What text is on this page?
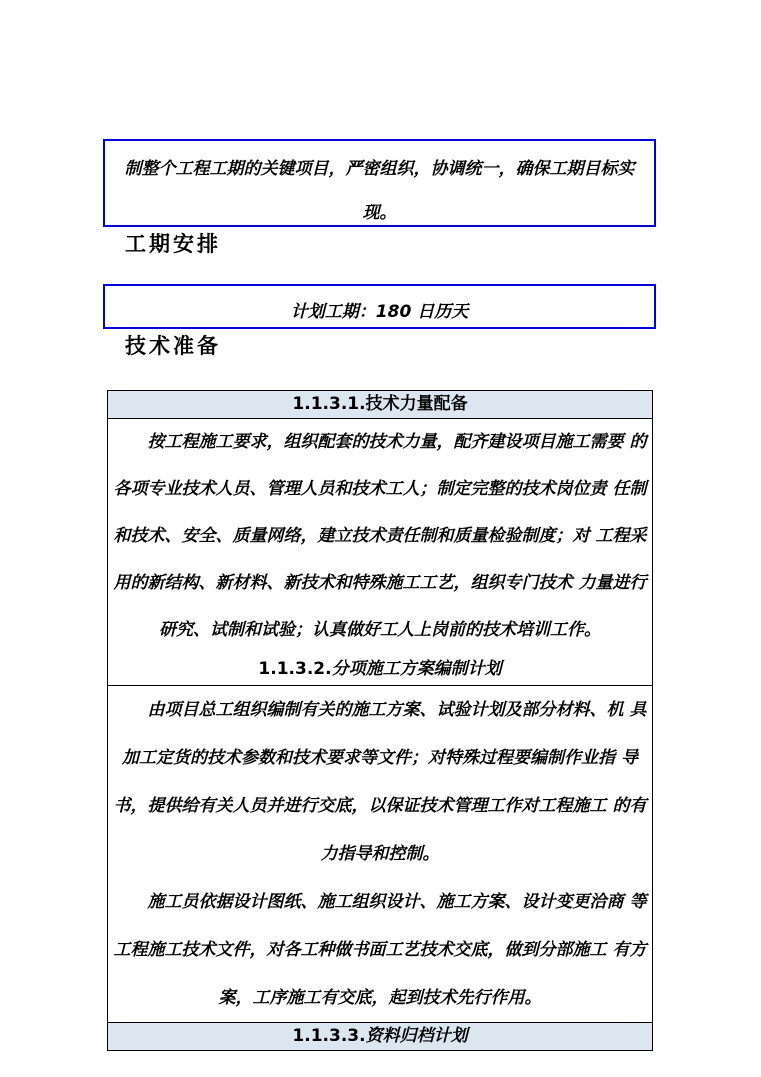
制整个工程工期的关键项目，严密组织，协调统一，确保工期目标实
现。
工期安排
计划工期：180 日历天
技术准备
1.1.3.1.技术力量配备
按工程施工要求，组织配套的技术力量，配齐建设项目施工需要 的
各项专业技术人员、管理人员和技术工人；制定完整的技术岗位责 任制
和技术、安全、质量网络，建立技术责任制和质量检验制度；对 工程采
用的新结构、新材料、新技术和特殊施工工艺，组织专门技术 力量进行
研究、试制和试验；认真做好工人上岗前的技术培训工作。
1.1.3.2.分项施工方案编制计划
由项目总工组织编制有关的施工方案、试验计划及部分材料、机 具
加工定货的技术参数和技术要求等文件；对特殊过程要编制作业指 导
书，提供给有关人员并进行交底，以保证技术管理工作对工程施工 的有
力指导和控制。
施工员依据设计图纸、施工组织设计、施工方案、设计变更洽商 等
工程施工技术文件，对各工种做书面工艺技术交底，做到分部施工 有方
案，工序施工有交底，起到技术先行作用。
1.1.3.3.资料归档计划
